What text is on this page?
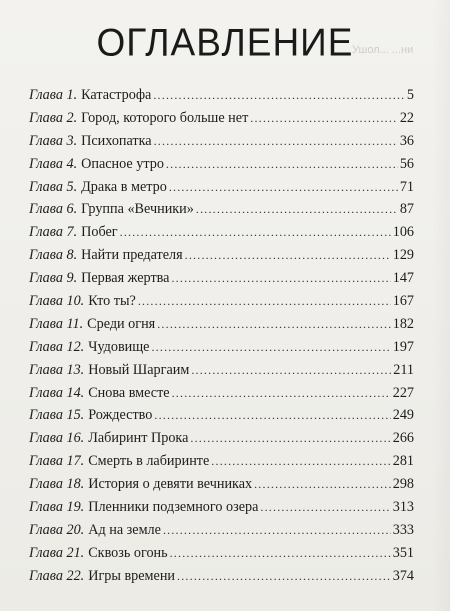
Ушол... ...ни
ОГЛАВЛЕНИЕ
Глава 1. Катастрофа .....	5
Глава 2. Город, которого больше нет .....	22
Глава 3. Психопатка .....	36
Глава 4. Опасное утро .....	56
Глава 5. Драка в метро .....	71
Глава 6. Группа «Вечники» .....	87
Глава 7. Побег .....	106
Глава 8. Найти предателя .....	129
Глава 9. Первая жертва .....	147
Глава 10. Кто ты? .....	167
Глава 11. Среди огня .....	182
Глава 12. Чудовище .....	197
Глава 13. Новый Шаргаим .....	211
Глава 14. Снова вместе .....	227
Глава 15. Рождество .....	249
Глава 16. Лабиринт Прока .....	266
Глава 17. Смерть в лабиринте .....	281
Глава 18. История о девяти вечниках .....	298
Глава 19. Пленники подземного озера .....	313
Глава 20. Ад на земле .....	333
Глава 21. Сквозь огонь .....	351
Глава 22. Игры времени .....	374
